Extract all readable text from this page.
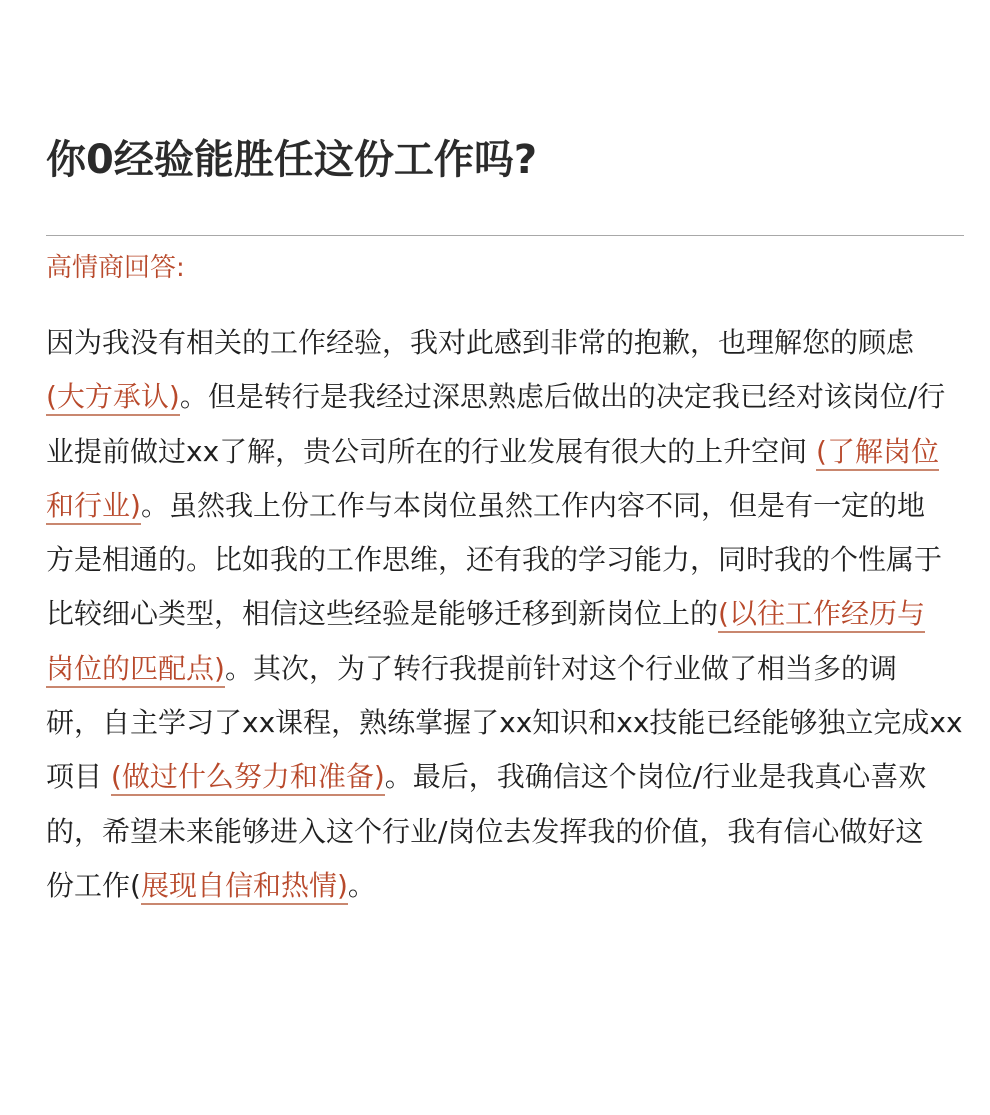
你0经验能胜任这份工作吗?
高情商回答:
因为我没有相关的工作经验，我对此感到非常的抱歉，也理解您的顾虑
(大方承认)。但是转行是我经过深思熟虑后做出的决定我已经对该岗位/行
业提前做过xx了解，贵公司所在的行业发展有很大的上升空间 (了解岗位
和行业)。虽然我上份工作与本岗位虽然工作内容不同，但是有一定的地
方是相通的。比如我的工作思维，还有我的学习能力，同时我的个性属于
比较细心类型，相信这些经验是能够迁移到新岗位上的(以往工作经历与
岗位的匹配点)。其次，为了转行我提前针对这个行业做了相当多的调
研，自主学习了xx课程，熟练掌握了xx知识和xx技能已经能够独立完成xx
项目 (做过什么努力和准备)。最后，我确信这个岗位/行业是我真心喜欢
的，希望未来能够进入这个行业/岗位去发挥我的价值，我有信心做好这
份工作(展现自信和热情)。
